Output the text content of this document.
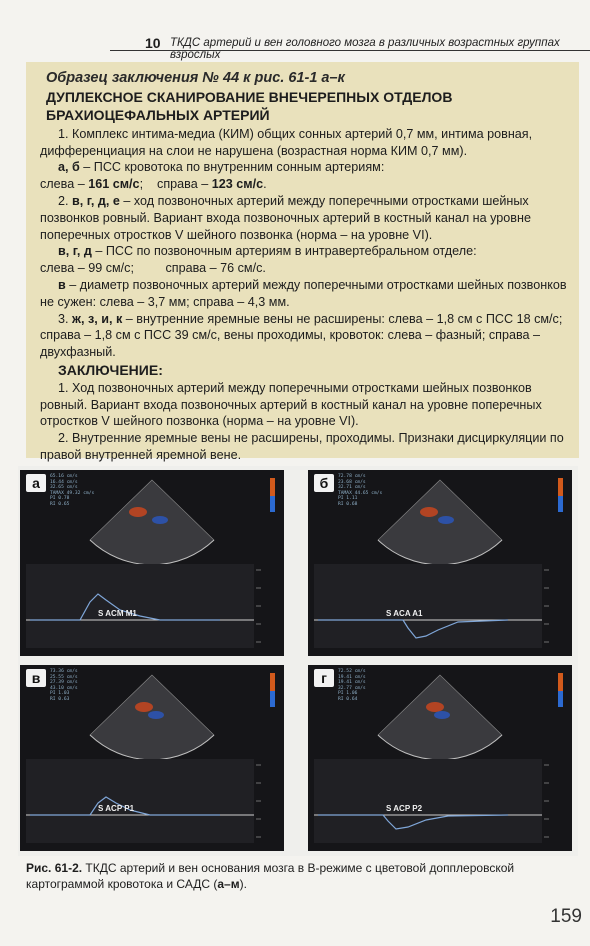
10 ТКДС артерий и вен головного мозга в различных возрастных группах взрослых
Образец заключения № 44 к рис. 61-1 а–к
ДУПЛЕКСНОЕ СКАНИРОВАНИЕ ВНЕЧЕРЕПНЫХ ОТДЕЛОВ
БРАХИОЦЕФАЛЬНЫХ АРТЕРИЙ

1. Комплекс интима-медиа (КИМ) общих сонных артерий 0,7 мм, интима ровная, дифференциация на слои не нарушена (возрастная норма КИМ 0,7 мм).

а, б – ПСС кровотока по внутренним сонным артериям:

слева – 161 см/с;    справа – 123 см/с.

2. в, г, д, е – ход позвоночных артерий между поперечными отростками шейных позвонков ровный. Вариант входа позвоночных артерий в костный канал на уровне поперечных отростков V шейного позвонка (норма – на уровне VI).

в, г, д – ПСС по позвоночным артериям в интравертебральном отделе:

слева – 99 см/с;         справа – 76 см/с.

в – диаметр позвоночных артерий между поперечными отростками шейных позвонков не сужен: слева – 3,7 мм; справа – 4,3 мм.

3. ж, з, и, к – внутренние яремные вены не расширены: слева – 1,8 см с ПСС 18 см/с; справа – 1,8 см с ПСС 39 см/с, вены проходимы, кровоток: слева – фазный; справа – двухфазный.

ЗАКЛЮЧЕНИЕ:

1. Ход позвоночных артерий между поперечными отростками шейных позвонков ровный. Вариант входа позвоночных артерий в костный канал на уровне поперечных отростков V шейного позвонка (норма – на уровне VI).

2. Внутренние яремные вены не расширены, проходимы. Признаки дисциркуляции по правой внутренней яремной вене.

а	65.16 cm/s
16.44 cm/s
32.65 cm/s
TAMAX 49.32 cm/s
PI 0.78
RI 0.65
S ACM M1
б	72.78 cm/s
23.68 cm/s
32.71 cm/s
TAMAX 44.65 cm/s
PI 1.11
RI 0.68
S ACA A1
в	73.36 cm/s
25.55 cm/s
27.39 cm/s
43.10 cm/s
PI 1.03
RI 0.63
S ACP P1
г	72.52 cm/s
19.41 cm/s
19.41 cm/s
32.77 cm/s
PI 1.06
RI 0.64
S ACP P2
Рис. 61-2. ТКДС артерий и вен основания мозга в В-режиме с цветовой допплеровской картограммой кровотока и САДС (а–м).
159
